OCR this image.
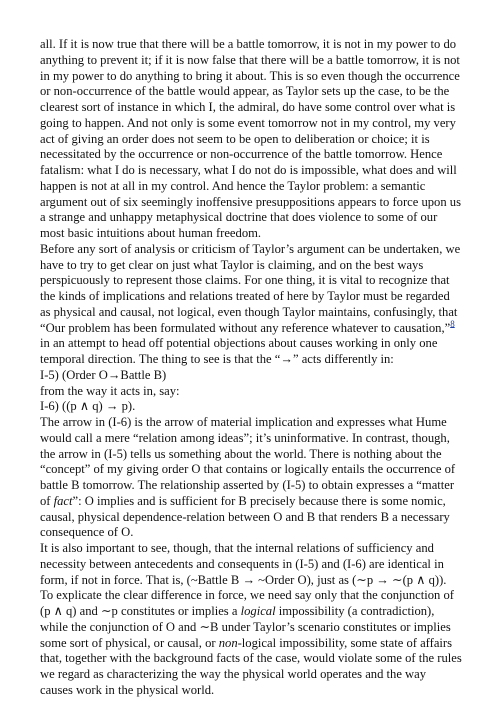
all. If it is now true that there will be a battle tomorrow, it is not in my power to do anything to prevent it; if it is now false that there will be a battle tomorrow, it is not in my power to do anything to bring it about. This is so even though the occurrence or non-occurrence of the battle would appear, as Taylor sets up the case, to be the clearest sort of instance in which I, the admiral, do have some control over what is going to happen. And not only is some event tomorrow not in my control, my very act of giving an order does not seem to be open to deliberation or choice; it is necessitated by the occurrence or non-occurrence of the battle tomorrow. Hence fatalism: what I do is necessary, what I do not do is impossible, what does and will happen is not at all in my control. And hence the Taylor problem: a semantic argument out of six seemingly inoffensive presuppositions appears to force upon us a strange and unhappy metaphysical doctrine that does violence to some of our most basic intuitions about human freedom.

Before any sort of analysis or criticism of Taylor’s argument can be undertaken, we have to try to get clear on just what Taylor is claiming, and on the best ways perspicuously to represent those claims. For one thing, it is vital to recognize that the kinds of implications and relations treated of here by Taylor must be regarded as physical and causal, not logical, even though Taylor maintains, confusingly, that “Our problem has been formulated without any reference whatever to causation,”$^8$ in an attempt to head off potential objections about causes working in only one temporal direction. The thing to see is that the “→” acts differently in:

I-5) (Order O→Battle B)

from the way it acts in, say:

I-6) ((p ∧ q) → p).

The arrow in (I-6) is the arrow of material implication and expresses what Hume would call a mere “relation among ideas”; it’s uninformative. In contrast, though, the arrow in (I-5) tells us something about the world. There is nothing about the “concept” of my giving order O that contains or logically entails the occurrence of battle B tomorrow. The relationship asserted by (I-5) to obtain expresses a “matter of fact”: O implies and is sufficient for B precisely because there is some nomic, causal, physical dependence-relation between O and B that renders B a necessary consequence of O.

It is also important to see, though, that the internal relations of sufficiency and necessity between antecedents and consequents in (I-5) and (I-6) are identical in form, if not in force. That is, (~Battle B → ~Order O), just as (∼p → ∼(p ∧ q)). To explicate the clear difference in force, we need say only that the conjunction of (p ∧ q) and ∼p constitutes or implies a logical impossibility (a contradiction), while the conjunction of O and ∼B under Taylor’s scenario constitutes or implies some sort of physical, or causal, or non-logical impossibility, some state of affairs that, together with the background facts of the case, would violate some of the rules we regard as characterizing the way the physical world operates and the way causes work in the physical world.
